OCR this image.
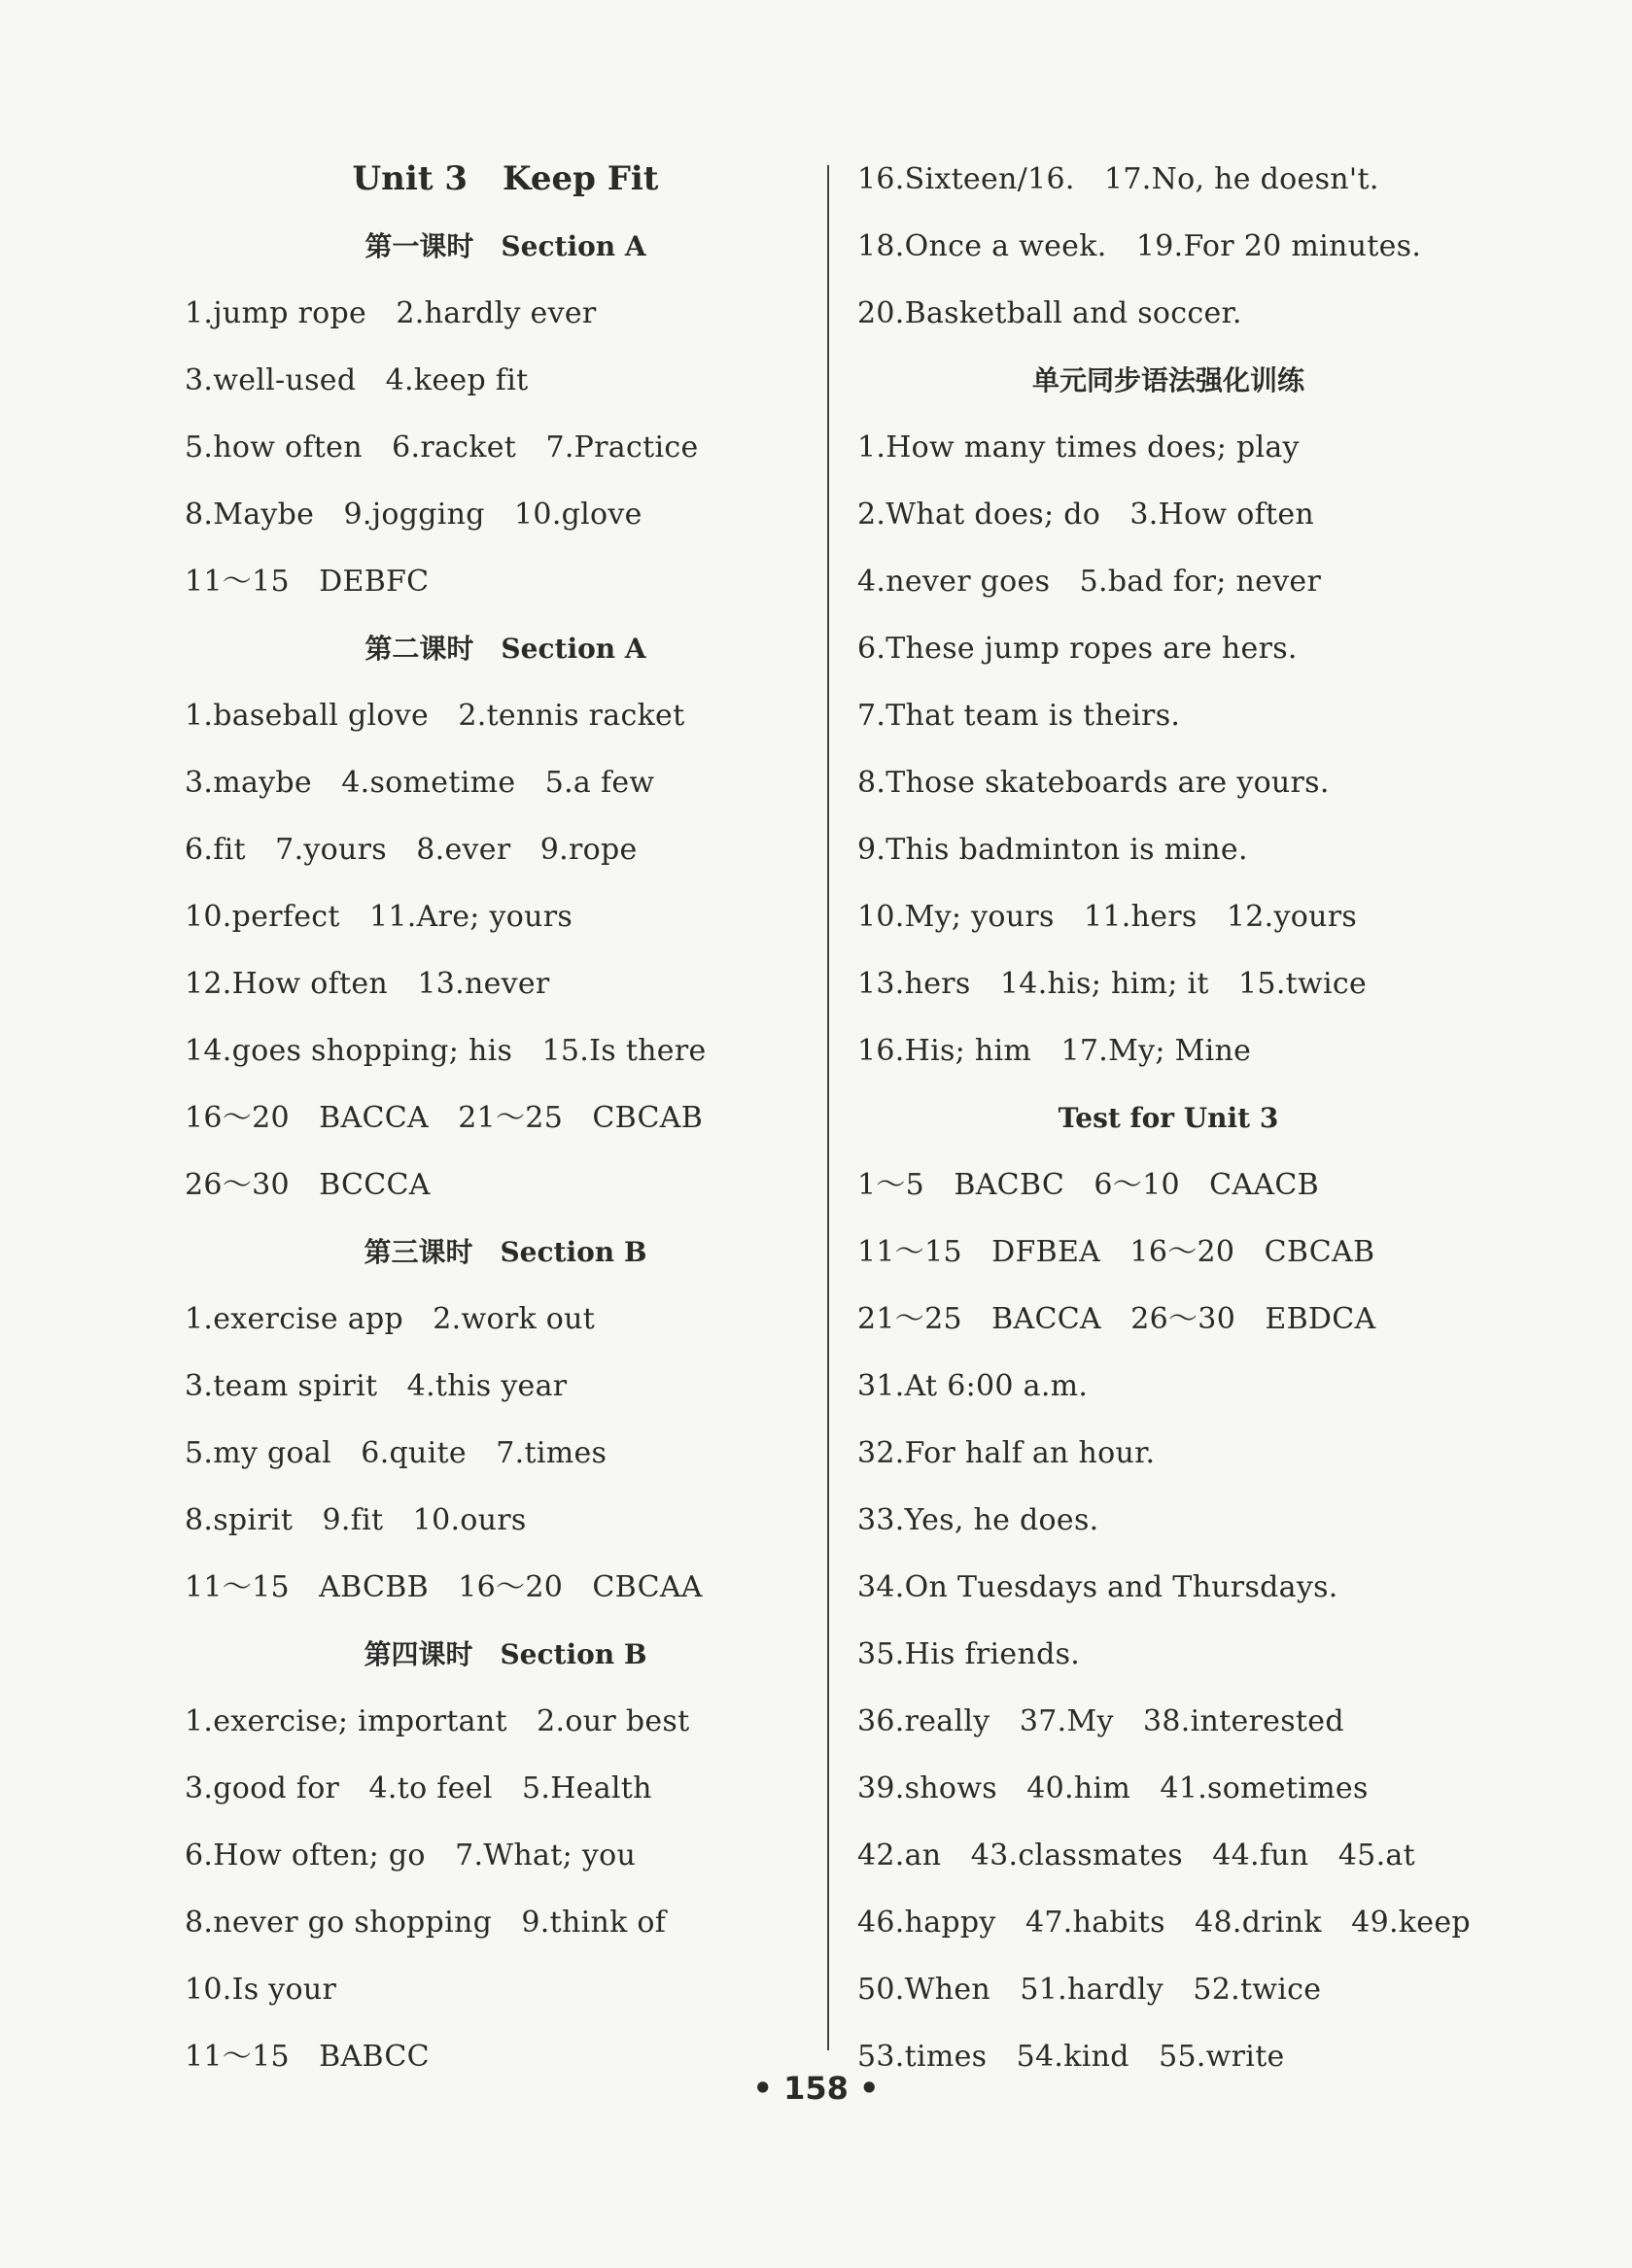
Unit 3 Keep Fit
第一课时 Section A
1.jump rope　2.hardly ever
3.well-used　4.keep fit
5.how often　6.racket　7.Practice
8.Maybe　9.jogging　10.glove
11～15　DEBFC
第二课时 Section A
1.baseball glove　2.tennis racket
3.maybe　4.sometime　5.a few
6.fit　7.yours　8.ever　9.rope
10.perfect　11.Are; yours
12.How often　13.never
14.goes shopping; his　15.Is there
16～20　BACCA　21～25　CBCAB
26～30　BCCCA
第三课时 Section B
1.exercise app　2.work out
3.team spirit　4.this year
5.my goal　6.quite　7.times
8.spirit　9.fit　10.ours
11～15　ABCBB　16～20　CBCAA
第四课时 Section B
1.exercise; important　2.our best
3.good for　4.to feel　5.Health
6.How often; go　7.What; you
8.never go shopping　9.think of
10.Is your
11～15　BABCC
16.Sixteen/16.　17.No, he doesn't.
18.Once a week.　19.For 20 minutes.
20.Basketball and soccer.
单元同步语法强化训练
1.How many times does; play
2.What does; do　3.How often
4.never goes　5.bad for; never
6.These jump ropes are hers.
7.That team is theirs.
8.Those skateboards are yours.
9.This badminton is mine.
10.My; yours　11.hers　12.yours
13.hers　14.his; him; it　15.twice
16.His; him　17.My; Mine
Test for Unit 3
1～5　BACBC　6～10　CAACB
11～15　DFBEA　16～20　CBCAB
21～25　BACCA　26～30　EBDCA
31.At 6:00 a.m.
32.For half an hour.
33.Yes, he does.
34.On Tuesdays and Thursdays.
35.His friends.
36.really　37.My　38.interested
39.shows　40.him　41.sometimes
42.an　43.classmates　44.fun　45.at
46.happy　47.habits　48.drink　49.keep
50.When　51.hardly　52.twice
53.times　54.kind　55.write
• 158 •
